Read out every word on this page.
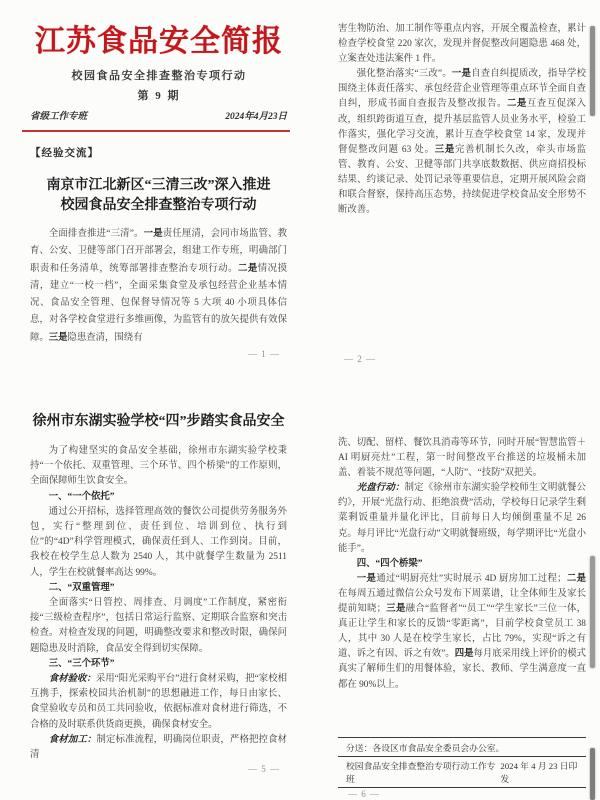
江苏食品安全简报
校园食品安全排查整治专项行动
第 9 期
省级工作专班	2024年4月23日
【经验交流】
南京市江北新区“三清三改”深入推进
校园食品安全排查整治专项行动

全面排查推进“三清”。一是责任厘清，会同市场监管、教育、公安、卫健等部门召开部署会，组建工作专班，明确部门职责和任务清单，统筹部署排查整治专项行动。二是情况摸清，建立“一校一档”，全面采集食堂及承包经营企业基本情况、食品安全管理、包保督导情况等 5 大项 40 小项具体信息，对各学校食堂进行多维画像，为监管有的放矢提供有效保障。三是隐患查清，围绕有

— 1 —
徐州市东湖实验学校“四”步踏实食品安全

为了构建坚实的食品安全基础，徐州市东湖实验学校秉持“一个依托、双重管理、三个环节、四个桥梁”的工作原则，全面保障师生饮食安全。

一、“一个依托”

通过公开招标，选择管理高效的餐饮公司提供劳务服务外包，实行“整理到位、责任到位、培训到位、执行到位”的“4D”科学管理模式，确保责任到人、工作到岗。目前，我校在校学生总人数为 2540 人，其中就餐学生数量为 2511 人，学生在校就餐率高达 99%。

二、“双重管理”

全面落实“日管控、周排查、月调度”工作制度，紧密衔接“三级检查程序”，包括日常运行监察、定期联合监察和突击检查。对检查发现的问题，明确整改要求和整改时限，确保问题隐患及时消除，食品安全得到切实保障。

三、“三个环节”

食材验收：采用“阳光采购平台”进行食材采购，把“家校相互携手，探索校园共治机制”的思想融进工作，每日由家长、食堂验收专员和员工共同验收，依据标准对食材进行筛选，不合格的及时联系供货商更换，确保食材安全。

食材加工：制定标准流程，明确岗位职责，严格把控食材清

— 5 —

害生物防治、加工制作等重点内容，开展全覆盖检查，累计检查学校食堂 220 家次，发现并督促整改问题隐患 468 处，立案查处违法案件 1 件。

强化整治落实“三改”。一是自查自纠提质改，指导学校围绕主体责任落实、承包经营企业管理等重点环节全面自查自纠，形成书面自查报告及整改报告。二是互查互促深入改，组织跨街道互查，提升基层监管人员业务水平，检验工作落实，强化学习交流，累计互查学校食堂 14 家，发现并督促整改问题 63 处。三是完善机制长久改，牵头市场监管、教育、公安、卫健等部门共享底数数据、供应商招投标结果、约谈记录、处罚记录等重要信息，定期开展风险会商和联合督察，保持高压态势，持续促进学校食品安全形势不断改善。

— 2 —

洗、切配、留样、餐饮具消毒等环节，同时开展“智慧监管＋AI 明厨亮灶”工程，第一时间整改平台推送的垃圾桶未加盖、着装不规范等问题，“人防”、“技防”双把关。

光盘行动：制定《徐州市东湖实验学校师生文明就餐公约》，开展“光盘行动、拒绝浪费”活动，学校每日记录学生剩菜剩饭重量并量化评比，目前每日人均倾倒重量不足 26 克。每月评比“光盘行动”文明就餐班级，每学期评比“光盘小能手”。

四、“四个桥梁”

一是通过“明厨亮灶”实时展示 4D 厨房加工过程；二是在每周五通过微信公众号发布下周菜谱，让全体师生及家长提前知晓；三是融合“监督者”“员工”“学生家长”三位一体，真正让学生和家长的反馈“零距离”，目前学校食堂员工 38 人，其中 30 人是在校学生家长，占比 79%，实现“诉之有道、诉之有因、诉之有效”。四是每月底采用线上评价的模式真实了解师生们的用餐体验，家长、教师、学生满意度一直都在 90%以上。

分送：各设区市食品安全委员会办公室。
校园食品安全排查整治专项行动工作专班
2024 年 4 月 23 日印发
— 6 —
